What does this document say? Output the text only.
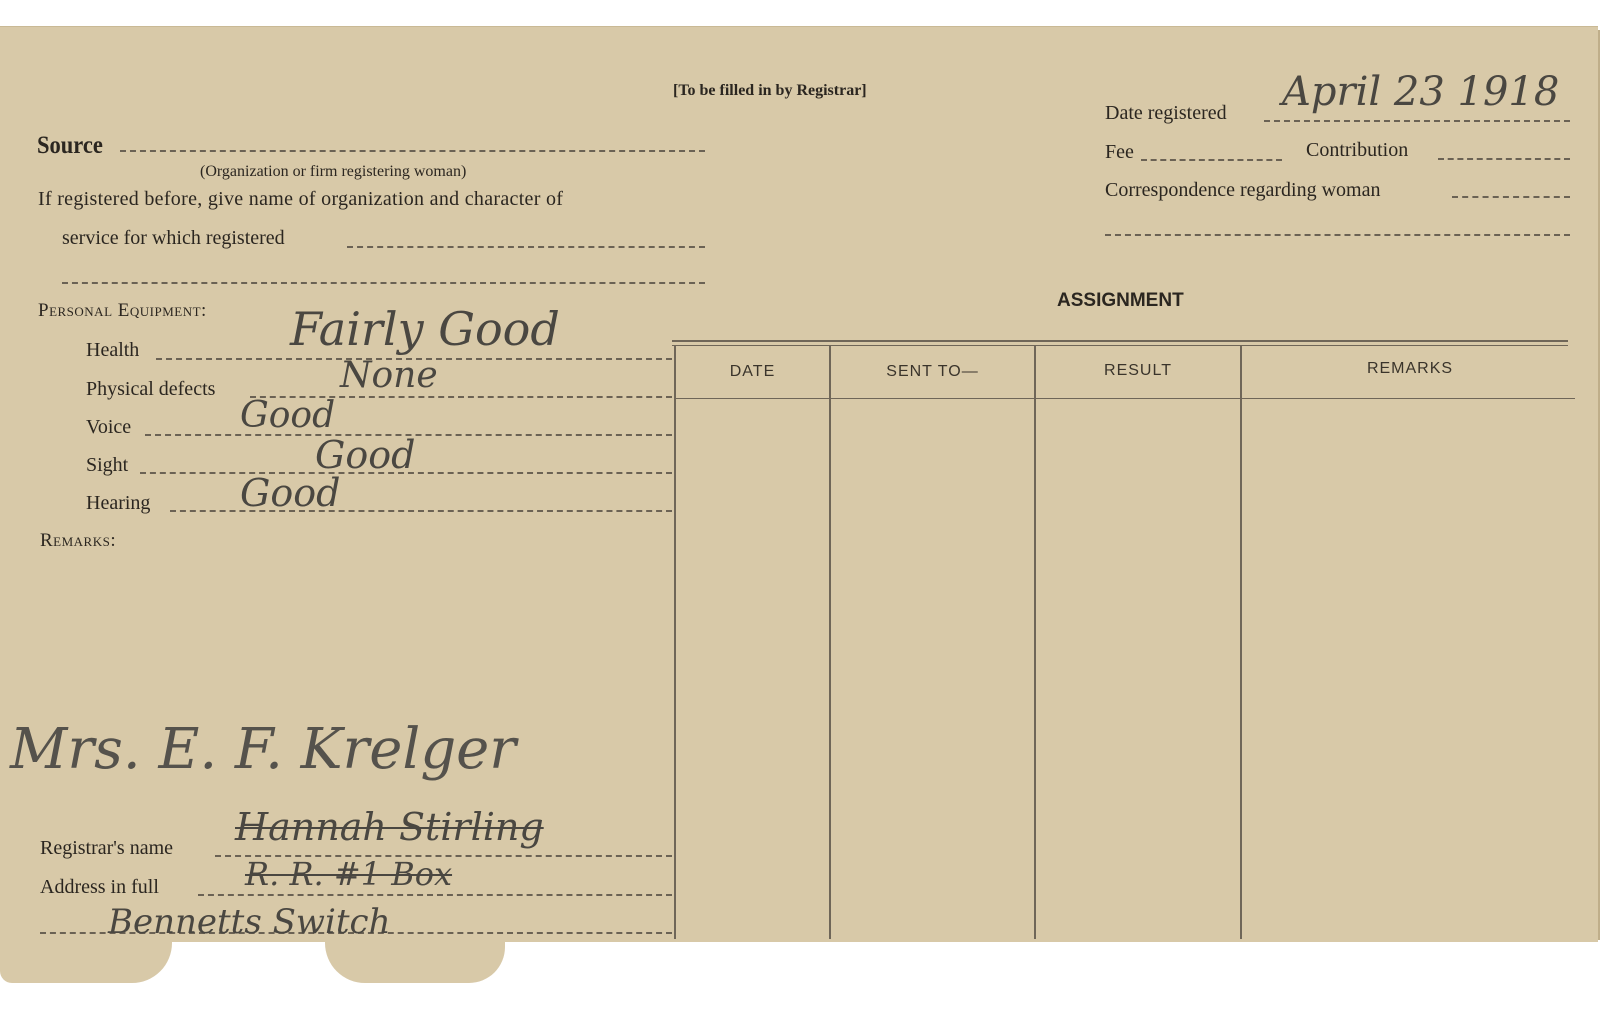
[To be filled in by Registrar]
Source
(Organization or firm registering woman)
If registered before, give name of organization and character of
service for which registered
Date registered April 23 1918
Fee	Contribution
Correspondence regarding woman
Personal Equipment:
Health	Fairly Good
Physical defects	None
Voice	Good
Sight	Good
Hearing Good
Remarks:
Mrs. E. F. Krelger
Registrar's name Hannah Stirling
Address in full	R. R. #1 Box
Bennetts Switch
ASSIGNMENT
DATE	SENT TO—	RESULT	REMARKS
